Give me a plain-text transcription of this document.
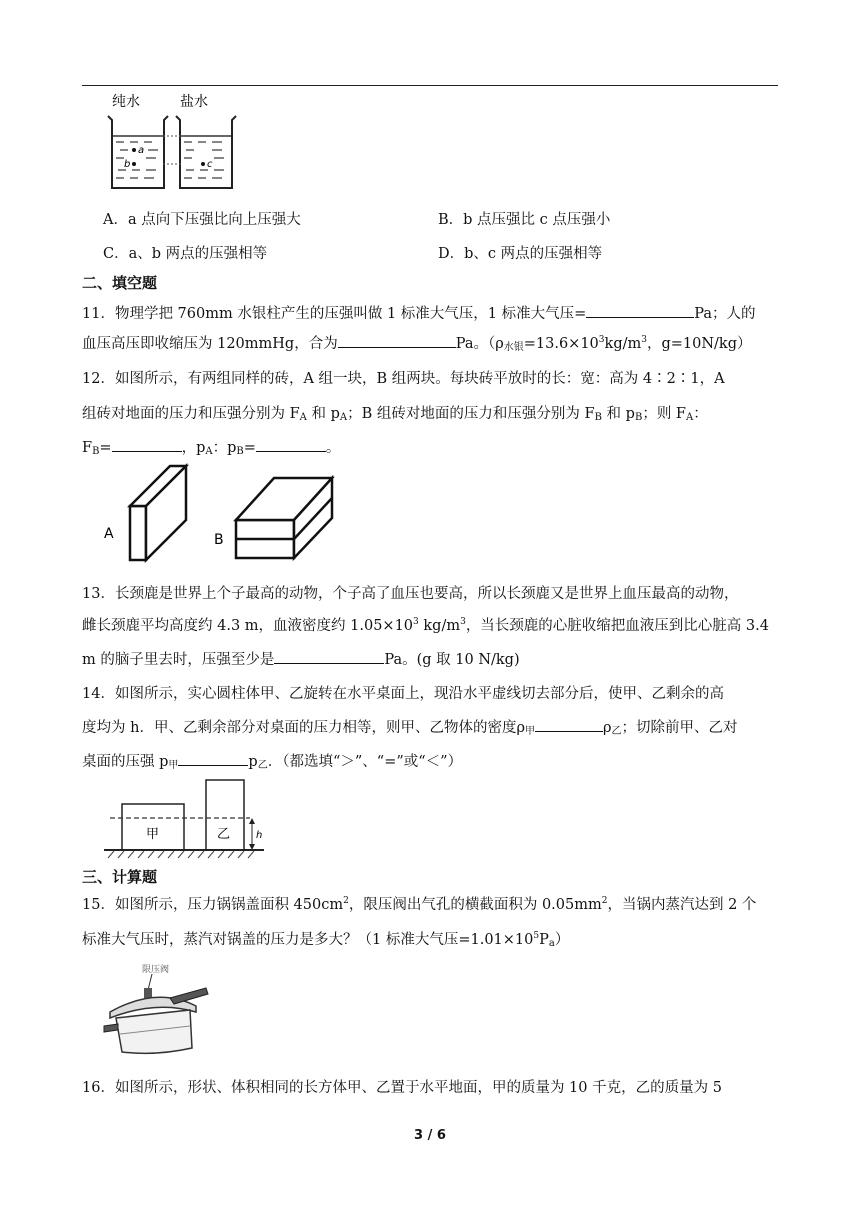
纯水	盐水
a
b	c
A．a 点向下压强比向上压强大	B．b 点压强比 c 点压强小
C．a、b 两点的压强相等	D．b、c 两点的压强相等
二、填空题
11．物理学把 760mm 水银柱产生的压强叫做 1 标准大气压，1 标准大气压=	Pa；人的
血压高压即收缩压为 120mmHg，合为	Pa。（$\rho_{水银}=13.6\times 10^3kg/m^3$，g=10N/kg）
12．如图所示，有两组同样的砖，A 组一块，B 组两块。每块砖平放时的长：宽：高为 4∶2∶1，A
组砖对地面的压力和压强分别为 $F_A$ 和 $p_A$；B 组砖对地面的压力和压强分别为 $F_B$ 和 $p_B$；则 $F_A$：
$F_B=$	，$p_A$：$p_B=$	。
A	B
13．长颈鹿是世界上个子最高的动物，个子高了血压也要高，所以长颈鹿又是世界上血压最高的动物，
雌长颈鹿平均高度约 4.3 m，血液密度约 $1.05\times 10^3$ $kg/m^3$，当长颈鹿的心脏收缩把血液压到比心脏高 3.4
m 的脑子里去时，压强至少是	Pa。(g 取 10 N/kg)
14．如图所示，实心圆柱体甲、乙旋转在水平桌面上，现沿水平虚线切去部分后，使甲、乙剩余的高
度均为 h．甲、乙剩余部分对桌面的压力相等，则甲、乙物体的密度$\rho_甲$	$\rho_乙$；切除前甲、乙对
桌面的压强 $p_甲$	$p_乙$．（都选填“＞”、“=”或“＜”）
甲	乙	h
三、计算题
15．如图所示，压力锅锅盖面积 $450cm^2$，限压阀出气孔的横截面积为 $0.05mm^2$，当锅内蒸汽达到 2 个
标准大气压时，蒸汽对锅盖的压力是多大？（1 标准大气压$=1.01\times 10^5P_a$）
限压阀
16．如图所示，形状、体积相同的长方体甲、乙置于水平地面，甲的质量为 10 千克，乙的质量为 5
3 / 6
